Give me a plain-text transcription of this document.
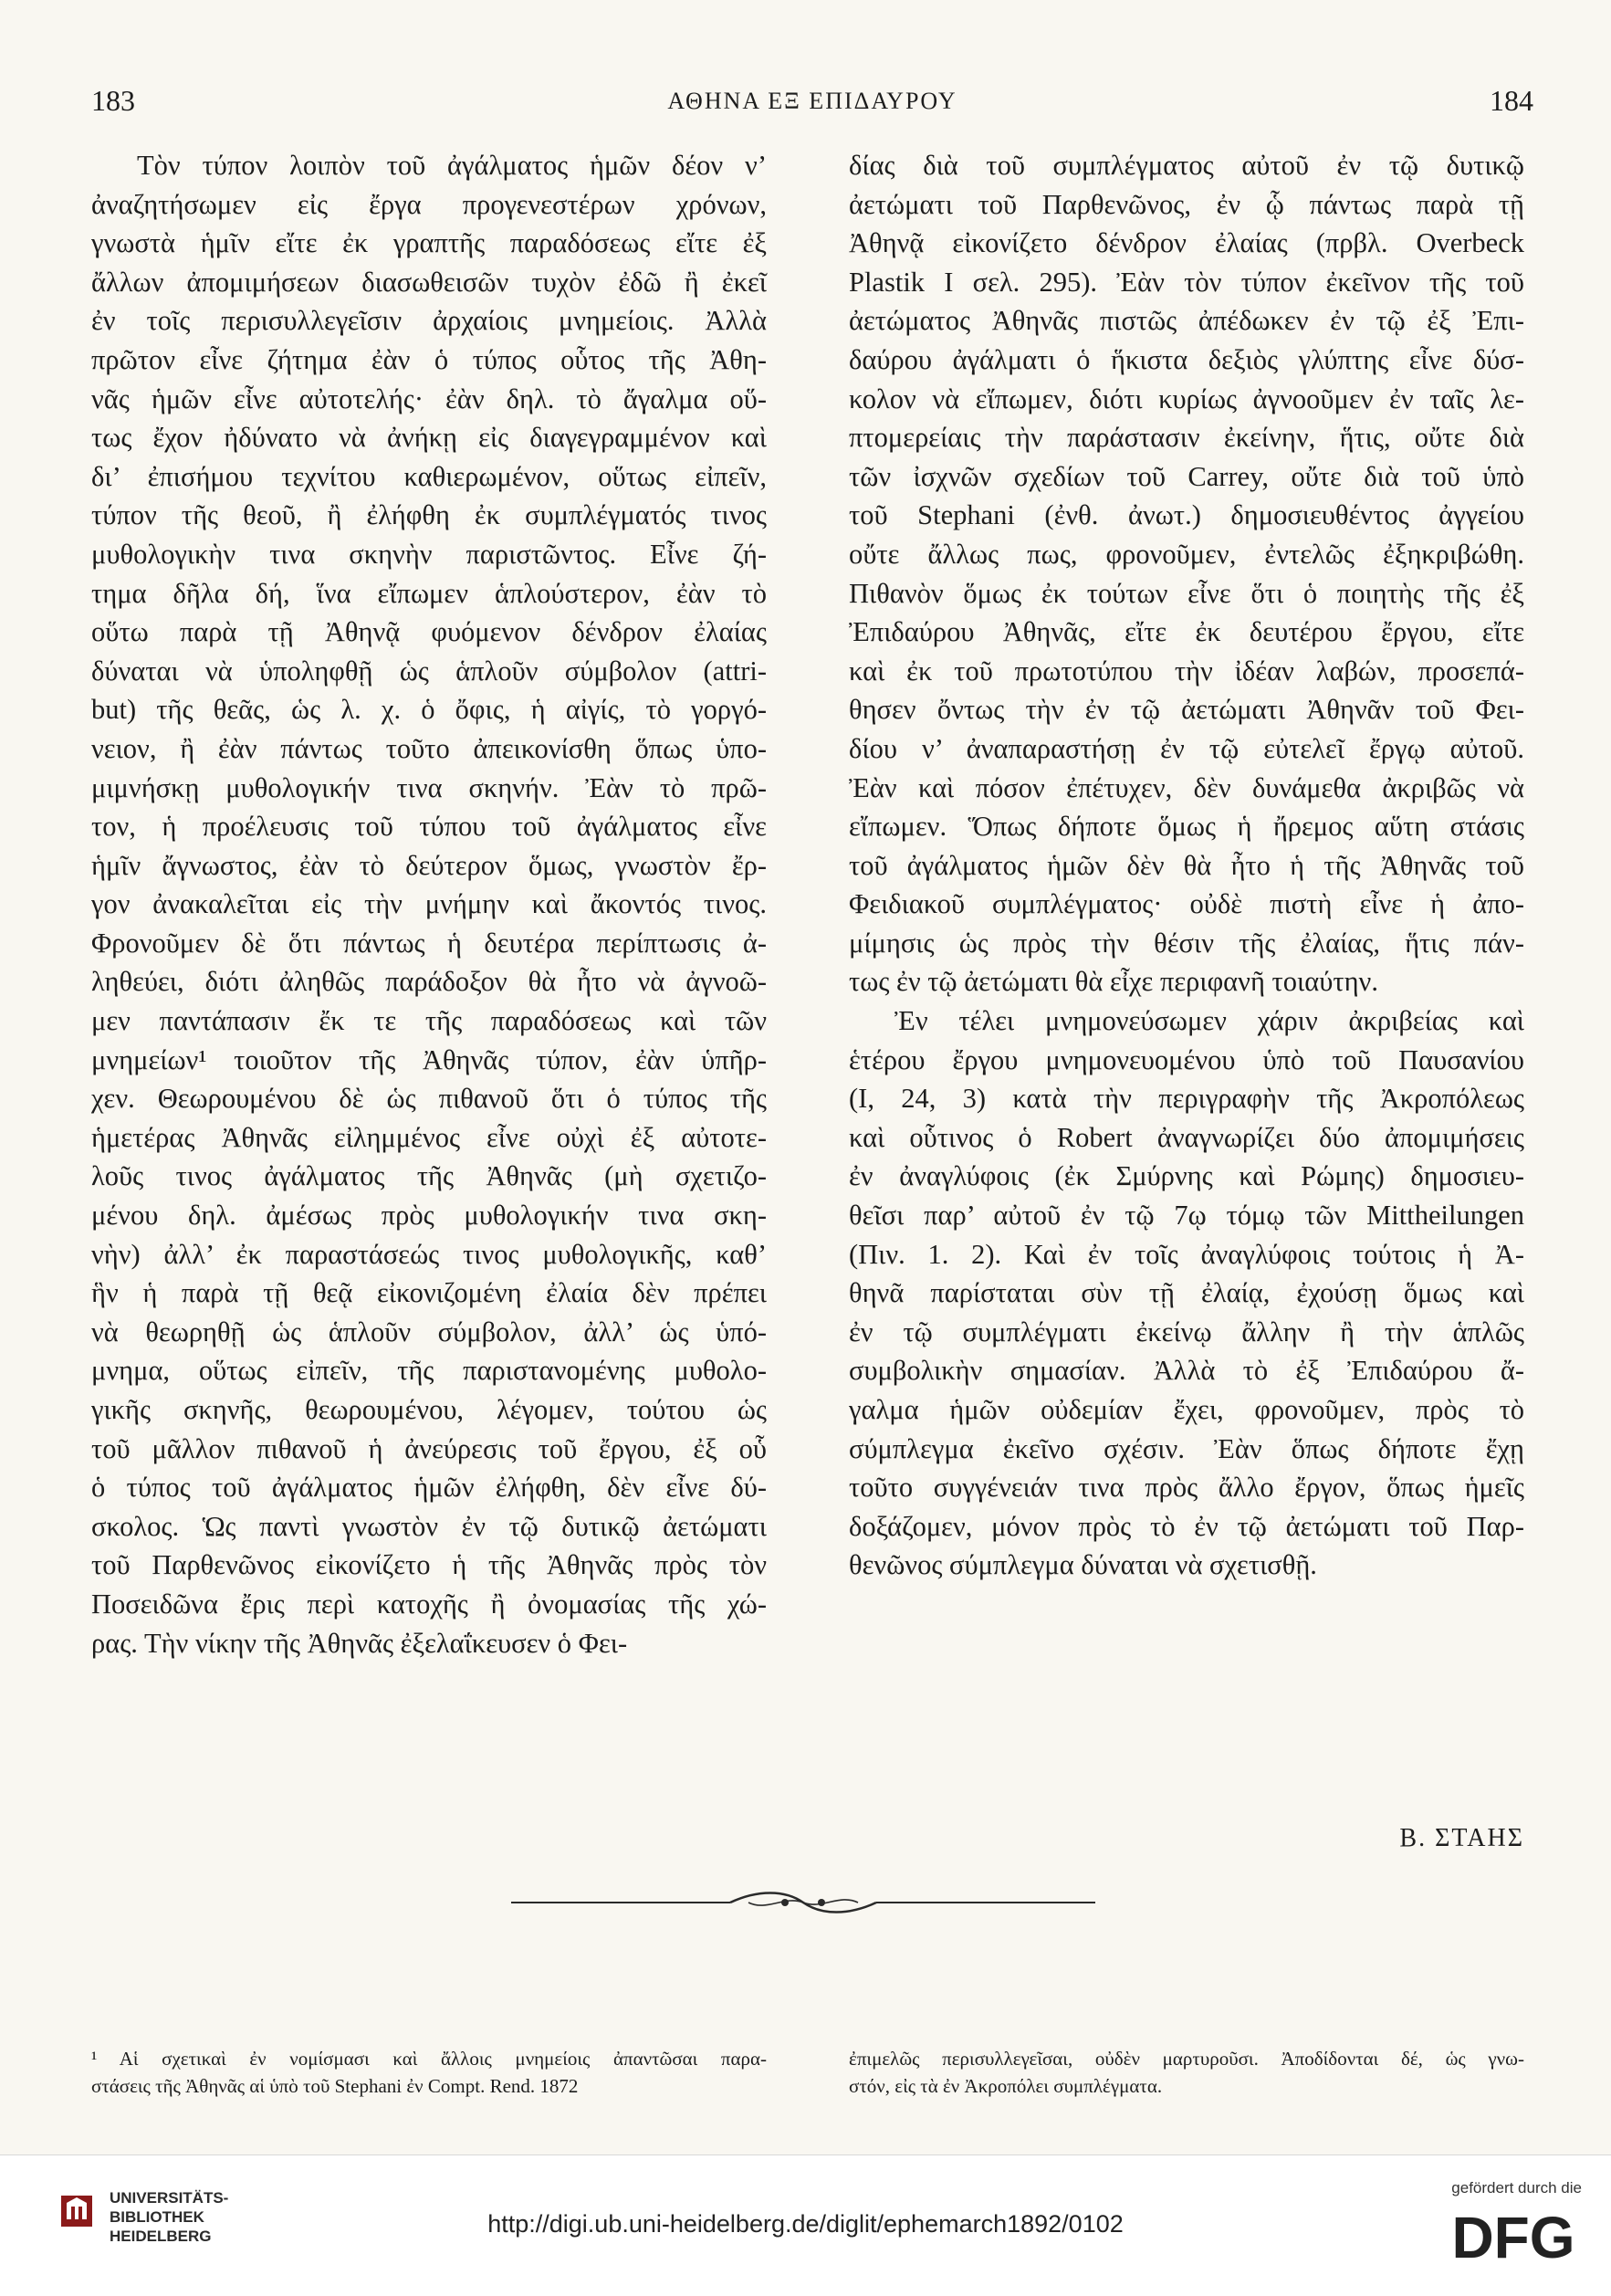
183	ΑΘΗΝΑ ΕΞ ΕΠΙΔΑΥΡΟΥ	184
Τὸν τύπον λοιπὸν τοῦ ἀγάλματος ἡμῶν δέον ν’
ἀναζητήσωμεν εἰς ἔργα προγενεστέρων χρόνων,
γνωστὰ ἡμῖν εἴτε ἐκ γραπτῆς παραδόσεως εἴτε ἐξ
ἄλλων ἀπομιμήσεων διασωθεισῶν τυχὸν ἐδῶ ἢ ἐκεῖ
ἐν τοῖς περισυλλεγεῖσιν ἀρχαίοις μνημείοις. Ἀλλὰ
πρῶτον εἶνε ζήτημα ἐὰν ὁ τύπος οὗτος τῆς Ἀθη-
νᾶς ἡμῶν εἶνε αὐτοτελής· ἐὰν δηλ. τὸ ἄγαλμα οὕ-
τως ἔχον ἠδύνατο νὰ ἀνήκῃ εἰς διαγεγραμμένον καὶ
δι’ ἐπισήμου τεχνίτου καθιερωμένον, οὕτως εἰπεῖν,
τύπον τῆς θεοῦ, ἢ ἐλήφθη ἐκ συμπλέγματός τινος
μυθολογικὴν τινα σκηνὴν παριστῶντος. Εἶνε ζή-
τημα δῆλα δή, ἵνα εἴπωμεν ἁπλούστερον, ἐὰν τὸ
οὕτω παρὰ τῇ Ἀθηνᾷ φυόμενον δένδρον ἐλαίας
δύναται νὰ ὑποληφθῇ ὡς ἁπλοῦν σύμβολον (attri-
but) τῆς θεᾶς, ὡς λ. χ. ὁ ὄφις, ἡ αἰγίς, τὸ γοργό-
νειον, ἢ ἐὰν πάντως τοῦτο ἀπεικονίσθη ὅπως ὑπο-
μιμνήσκῃ μυθολογικήν τινα σκηνήν. Ἐὰν τὸ πρῶ-
τον, ἡ προέλευσις τοῦ τύπου τοῦ ἀγάλματος εἶνε
ἡμῖν ἄγνωστος, ἐὰν τὸ δεύτερον ὅμως, γνωστὸν ἔρ-
γον ἀνακαλεῖται εἰς τὴν μνήμην καὶ ἄκοντός τινος.
Φρονοῦμεν δὲ ὅτι πάντως ἡ δευτέρα περίπτωσις ἀ-
ληθεύει, διότι ἀληθῶς παράδοξον θὰ ἦτο νὰ ἀγνοῶ-
μεν παντάπασιν ἔκ τε τῆς παραδόσεως καὶ τῶν
μνημείων¹ τοιοῦτον τῆς Ἀθηνᾶς τύπον, ἐὰν ὑπῆρ-
χεν. Θεωρουμένου δὲ ὡς πιθανοῦ ὅτι ὁ τύπος τῆς
ἡμετέρας Ἀθηνᾶς εἰλημμένος εἶνε οὐχὶ ἐξ αὐτοτε-
λοῦς τινος ἀγάλματος τῆς Ἀθηνᾶς (μὴ σχετιζο-
μένου δηλ. ἀμέσως πρὸς μυθολογικήν τινα σκη-
νὴν) ἀλλ’ ἐκ παραστάσεώς τινος μυθολογικῆς, καθ’
ἣν ἡ παρὰ τῇ θεᾷ εἰκονιζομένη ἐλαία δὲν πρέπει
νὰ θεωρηθῇ ὡς ἁπλοῦν σύμβολον, ἀλλ’ ὡς ὑπό-
μνημα, οὕτως εἰπεῖν, τῆς παριστανομένης μυθολο-
γικῆς σκηνῆς, θεωρουμένου, λέγομεν, τούτου ὡς
τοῦ μᾶλλον πιθανοῦ ἡ ἀνεύρεσις τοῦ ἔργου, ἐξ οὗ
ὁ τύπος τοῦ ἀγάλματος ἡμῶν ἐλήφθη, δὲν εἶνε δύ-
σκολος. Ὡς παντὶ γνωστὸν ἐν τῷ δυτικῷ ἀετώματι
τοῦ Παρθενῶνος εἰκονίζετο ἡ τῆς Ἀθηνᾶς πρὸς τὸν
Ποσειδῶνα ἔρις περὶ κατοχῆς ἢ ὀνομασίας τῆς χώ-
ρας. Τὴν νίκην τῆς Ἀθηνᾶς ἐξελαΐκευσεν ὁ Φει-
δίας διὰ τοῦ συμπλέγματος αὐτοῦ ἐν τῷ δυτικῷ
ἀετώματι τοῦ Παρθενῶνος, ἐν ᾧ πάντως παρὰ τῇ
Ἀθηνᾷ εἰκονίζετο δένδρον ἐλαίας (πρβλ. Overbeck
Plastik I σελ. 295). Ἐὰν τὸν τύπον ἐκεῖνον τῆς τοῦ
ἀετώματος Ἀθηνᾶς πιστῶς ἀπέδωκεν ἐν τῷ ἐξ Ἐπι-
δαύρου ἀγάλματι ὁ ἥκιστα δεξιὸς γλύπτης εἶνε δύσ-
κολον νὰ εἴπωμεν, διότι κυρίως ἀγνοοῦμεν ἐν ταῖς λε-
πτομερείαις τὴν παράστασιν ἐκείνην, ἥτις, οὔτε διὰ
τῶν ἰσχνῶν σχεδίων τοῦ Carrey, οὔτε διὰ τοῦ ὑπὸ
τοῦ Stephani (ἐνθ. ἀνωτ.) δημοσιευθέντος ἀγγείου
οὔτε ἄλλως πως, φρονοῦμεν, ἐντελῶς ἐξηκριβώθη.
Πιθανὸν ὅμως ἐκ τούτων εἶνε ὅτι ὁ ποιητὴς τῆς ἐξ
Ἐπιδαύρου Ἀθηνᾶς, εἴτε ἐκ δευτέρου ἔργου, εἴτε
καὶ ἐκ τοῦ πρωτοτύπου τὴν ἰδέαν λαβών, προσεπά-
θησεν ὄντως τὴν ἐν τῷ ἀετώματι Ἀθηνᾶν τοῦ Φει-
δίου ν’ ἀναπαραστήσῃ ἐν τῷ εὐτελεῖ ἔργῳ αὐτοῦ.
Ἐὰν καὶ πόσον ἐπέτυχεν, δὲν δυνάμεθα ἀκριβῶς νὰ
εἴπωμεν. Ὅπως δήποτε ὅμως ἡ ἤρεμος αὕτη στάσις
τοῦ ἀγάλματος ἡμῶν δὲν θὰ ἦτο ἡ τῆς Ἀθηνᾶς τοῦ
Φειδιακοῦ συμπλέγματος· οὐδὲ πιστὴ εἶνε ἡ ἀπο-
μίμησις ὡς πρὸς τὴν θέσιν τῆς ἐλαίας, ἥτις πάν-
τως ἐν τῷ ἀετώματι θὰ εἶχε περιφανῆ τοιαύτην.
Ἐν τέλει μνημονεύσωμεν χάριν ἀκριβείας καὶ
ἑτέρου ἔργου μνημονευομένου ὑπὸ τοῦ Παυσανίου
(I, 24, 3) κατὰ τὴν περιγραφὴν τῆς Ἀκροπόλεως
καὶ οὗτινος ὁ Robert ἀναγνωρίζει δύο ἀπομιμήσεις
ἐν ἀναγλύφοις (ἐκ Σμύρνης καὶ Ρώμης) δημοσιευ-
θεῖσι παρ’ αὐτοῦ ἐν τῷ 7ῳ τόμῳ τῶν Mittheilungen
(Πιν. 1. 2). Καὶ ἐν τοῖς ἀναγλύφοις τούτοις ἡ Ἀ-
θηνᾶ παρίσταται σὺν τῇ ἐλαίᾳ, ἐχούσῃ ὅμως καὶ
ἐν τῷ συμπλέγματι ἐκείνῳ ἄλλην ἢ τὴν ἁπλῶς
συμβολικὴν σημασίαν. Ἀλλὰ τὸ ἐξ Ἐπιδαύρου ἄ-
γαλμα ἡμῶν οὐδεμίαν ἔχει, φρονοῦμεν, πρὸς τὸ
σύμπλεγμα ἐκεῖνο σχέσιν. Ἐὰν ὅπως δήποτε ἔχῃ
τοῦτο συγγένειάν τινα πρὸς ἄλλο ἔργον, ὅπως ἡμεῖς
δοξάζομεν, μόνον πρὸς τὸ ἐν τῷ ἀετώματι τοῦ Παρ-
θενῶνος σύμπλεγμα δύναται νὰ σχετισθῇ.
Β. ΣΤΑΗΣ
¹ Αἱ σχετικαὶ ἐν νομίσμασι καὶ ἄλλοις μνημείοις ἀπαντῶσαι παρα-
στάσεις τῆς Ἀθηνᾶς αἱ ὑπὸ τοῦ Stephani ἐν Compt. Rend. 1872
ἐπιμελῶς περισυλλεγεῖσαι, οὐδὲν μαρτυροῦσι. Ἀποδίδονται δέ, ὡς γνω-
στόν, εἰς τὰ ἐν Ἀκροπόλει συμπλέγματα.
UNIVERSITÄTS-
BIBLIOTHEK
HEIDELBERG	http://digi.ub.uni-heidelberg.de/diglit/ephemarch1892/0102
gefördert durch die
DFG
